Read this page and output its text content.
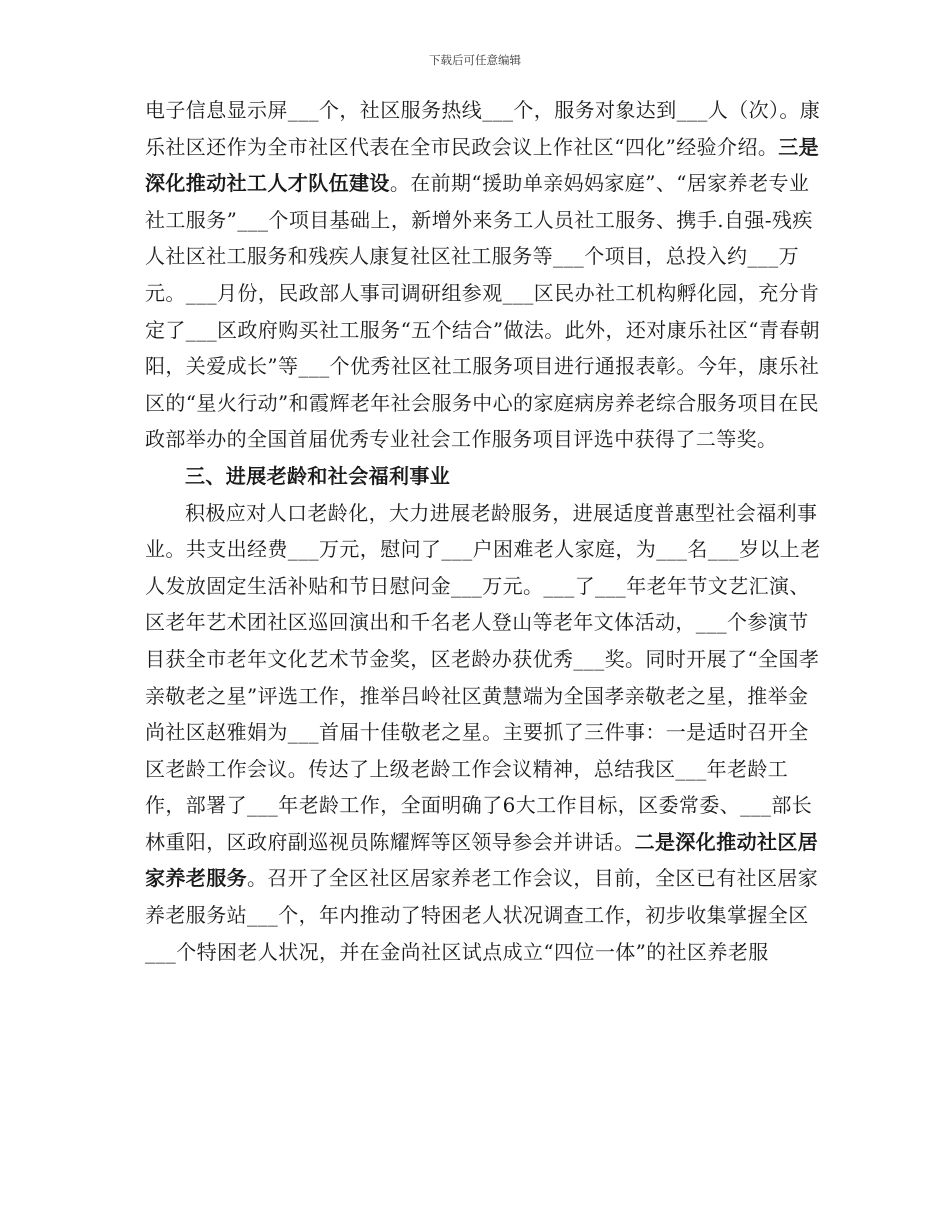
下载后可任意编辑

电子信息显示屏___个，社区服务热线___个，服务对象达到___人（次）。康乐社区还作为全市社区代表在全市民政会议上作社区“四化”经验介绍。三是深化推动社工人才队伍建设。在前期“援助单亲妈妈家庭”、“居家养老专业社工服务”___个项目基础上，新增外来务工人员社工服务、携手.自强-残疾人社区社工服务和残疾人康复社区社工服务等___个项目，总投入约___万元。___月份，民政部人事司调研组参观___区民办社工机构孵化园，充分肯定了___区政府购买社工服务“五个结合”做法。此外，还对康乐社区“青春朝阳，关爱成长”等___个优秀社区社工服务项目进行通报表彰。今年，康乐社区的“星火行动”和霞辉老年社会服务中心的家庭病房养老综合服务项目在民政部举办的全国首届优秀专业社会工作服务项目评选中获得了二等奖。

三、进展老龄和社会福利事业

积极应对人口老龄化，大力进展老龄服务，进展适度普惠型社会福利事业。共支出经费___万元，慰问了___户困难老人家庭，为___名___岁以上老人发放固定生活补贴和节日慰问金___万元。___了___年老年节文艺汇演、区老年艺术团社区巡回演出和千名老人登山等老年文体活动，___个参演节目获全市老年文化艺术节金奖，区老龄办获优秀___奖。同时开展了“全国孝亲敬老之星”评选工作，推举吕岭社区黄慧端为全国孝亲敬老之星，推举金尚社区赵雅娟为___首届十佳敬老之星。主要抓了三件事：一是适时召开全区老龄工作会议。传达了上级老龄工作会议精神，总结我区___年老龄工作，部署了___年老龄工作，全面明确了6大工作目标，区委常委、___部长林重阳，区政府副巡视员陈耀辉等区领导参会并讲话。二是深化推动社区居家养老服务。召开了全区社区居家养老工作会议，目前，全区已有社区居家养老服务站___个，年内推动了特困老人状况调查工作，初步收集掌握全区___个特困老人状况，并在金尚社区试点成立“四位一体”的社区养老服
